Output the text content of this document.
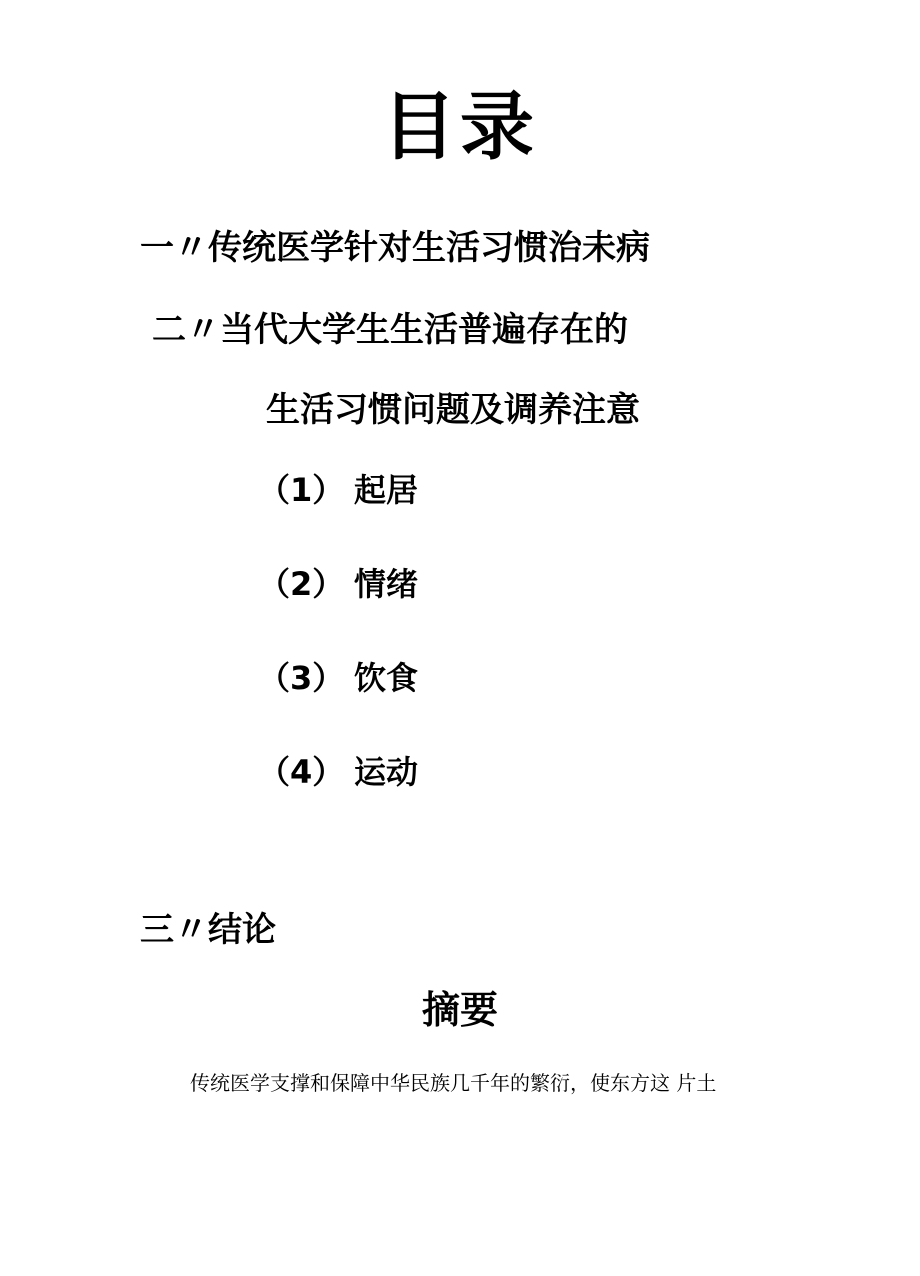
目录
一〃传统医学针对生活习惯治未病
二〃当代大学生生活普遍存在的
生活习惯问题及调养注意
（1） 起居
（2） 情绪
（3） 饮食
（4） 运动
三〃结论
摘要
传统医学支撑和保障中华民族几千年的繁衍，使东方这 片土
